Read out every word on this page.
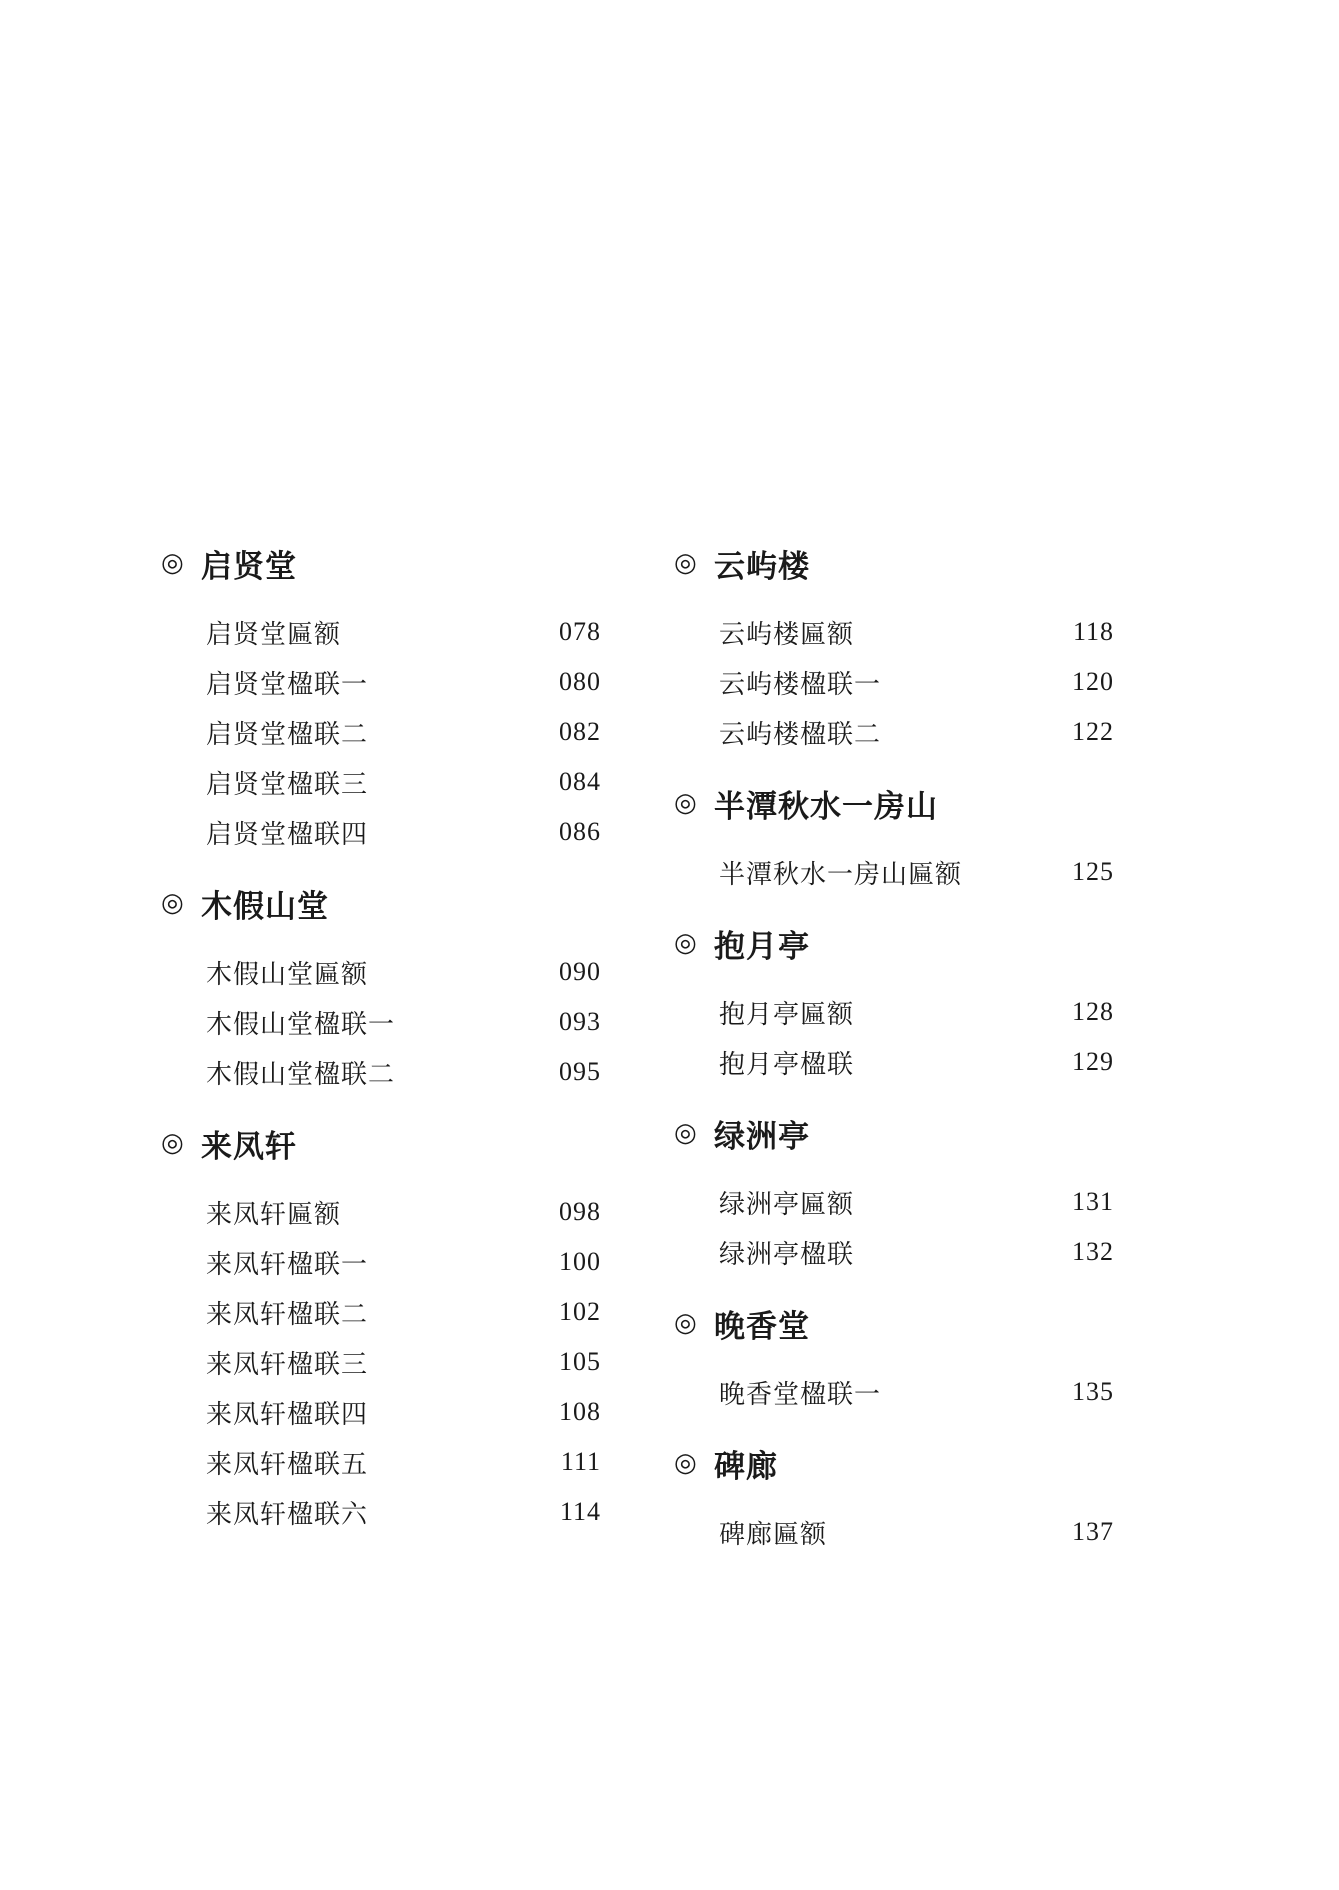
◎ 启贤堂
启贤堂匾额	078
启贤堂楹联一	080
启贤堂楹联二	082
启贤堂楹联三	084
启贤堂楹联四	086
◎ 木假山堂
木假山堂匾额	090
木假山堂楹联一	093
木假山堂楹联二	095
◎ 来凤轩
来凤轩匾额	098
来凤轩楹联一	100
来凤轩楹联二	102
来凤轩楹联三	105
来凤轩楹联四	108
来凤轩楹联五	111
来凤轩楹联六	114
◎ 云屿楼
云屿楼匾额	118
云屿楼楹联一	120
云屿楼楹联二	122
◎ 半潭秋水一房山
半潭秋水一房山匾额	125
◎ 抱月亭
抱月亭匾额	128
抱月亭楹联	129
◎ 绿洲亭
绿洲亭匾额	131
绿洲亭楹联	132
◎ 晚香堂
晚香堂楹联一	135
◎ 碑廊
碑廊匾额	137
